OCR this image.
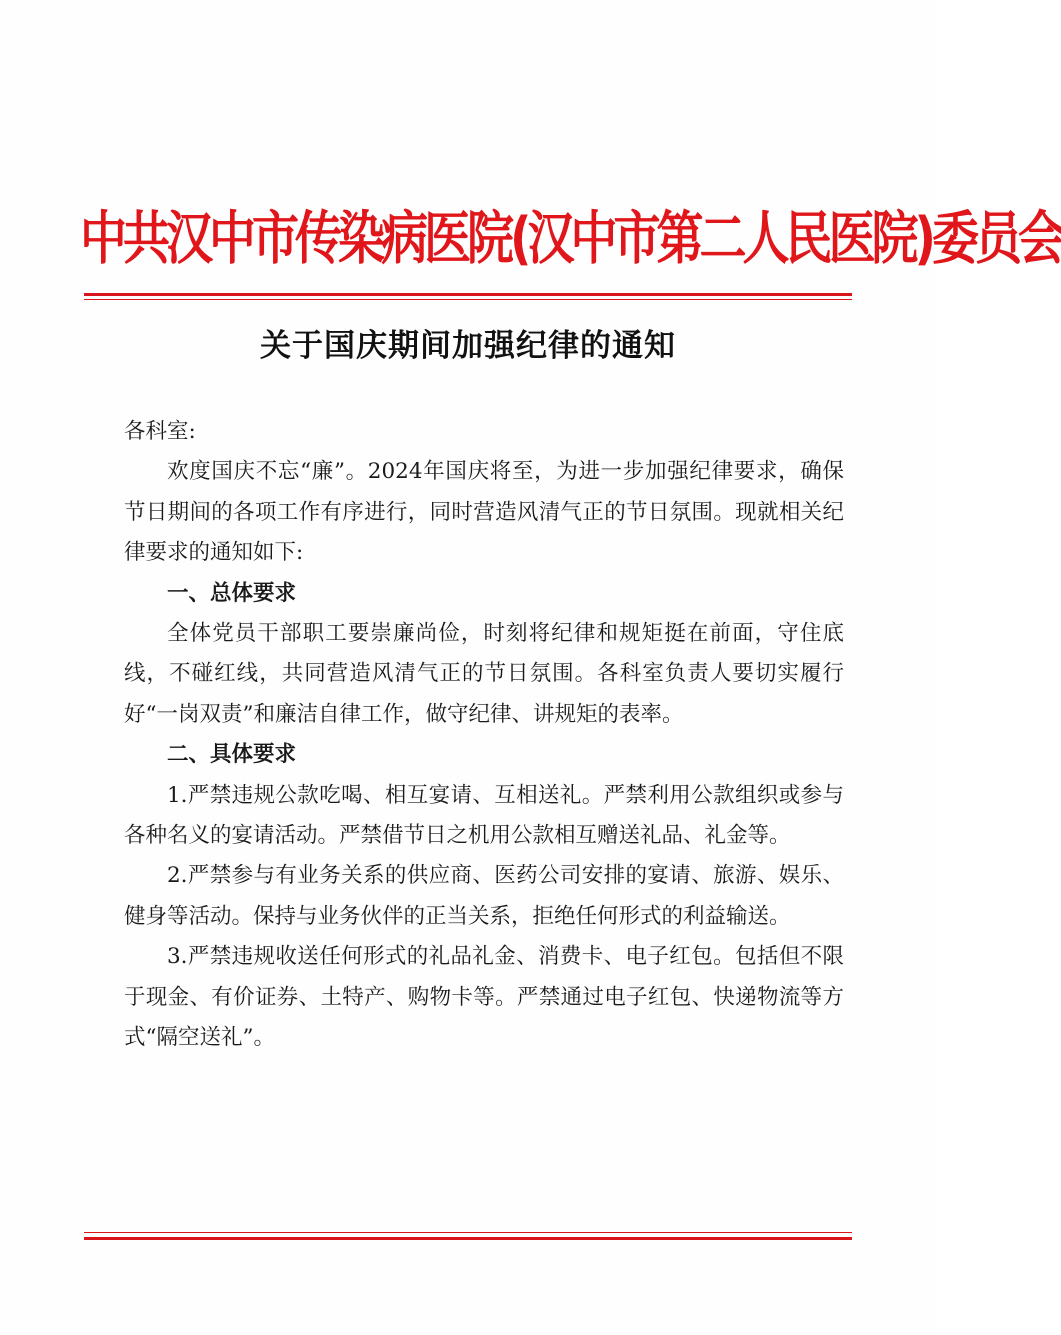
中共汉中市传染病医院(汉中市第二人民医院)委员会
关于国庆期间加强纪律的通知

各科室:

欢度国庆不忘“廉”。2024年国庆将至，为进一步加强纪律要求，确保节日期间的各项工作有序进行，同时营造风清气正的节日氛围。现就相关纪律要求的通知如下:

一、总体要求

全体党员干部职工要崇廉尚俭，时刻将纪律和规矩挺在前面，守住底线，不碰红线，共同营造风清气正的节日氛围。各科室负责人要切实履行好“一岗双责”和廉洁自律工作，做守纪律、讲规矩的表率。

二、具体要求

1.严禁违规公款吃喝、相互宴请、互相送礼。严禁利用公款组织或参与各种名义的宴请活动。严禁借节日之机用公款相互赠送礼品、礼金等。

2.严禁参与有业务关系的供应商、医药公司安排的宴请、旅游、娱乐、健身等活动。保持与业务伙伴的正当关系，拒绝任何形式的利益输送。

3.严禁违规收送任何形式的礼品礼金、消费卡、电子红包。包括但不限于现金、有价证券、土特产、购物卡等。严禁通过电子红包、快递物流等方式“隔空送礼”。
